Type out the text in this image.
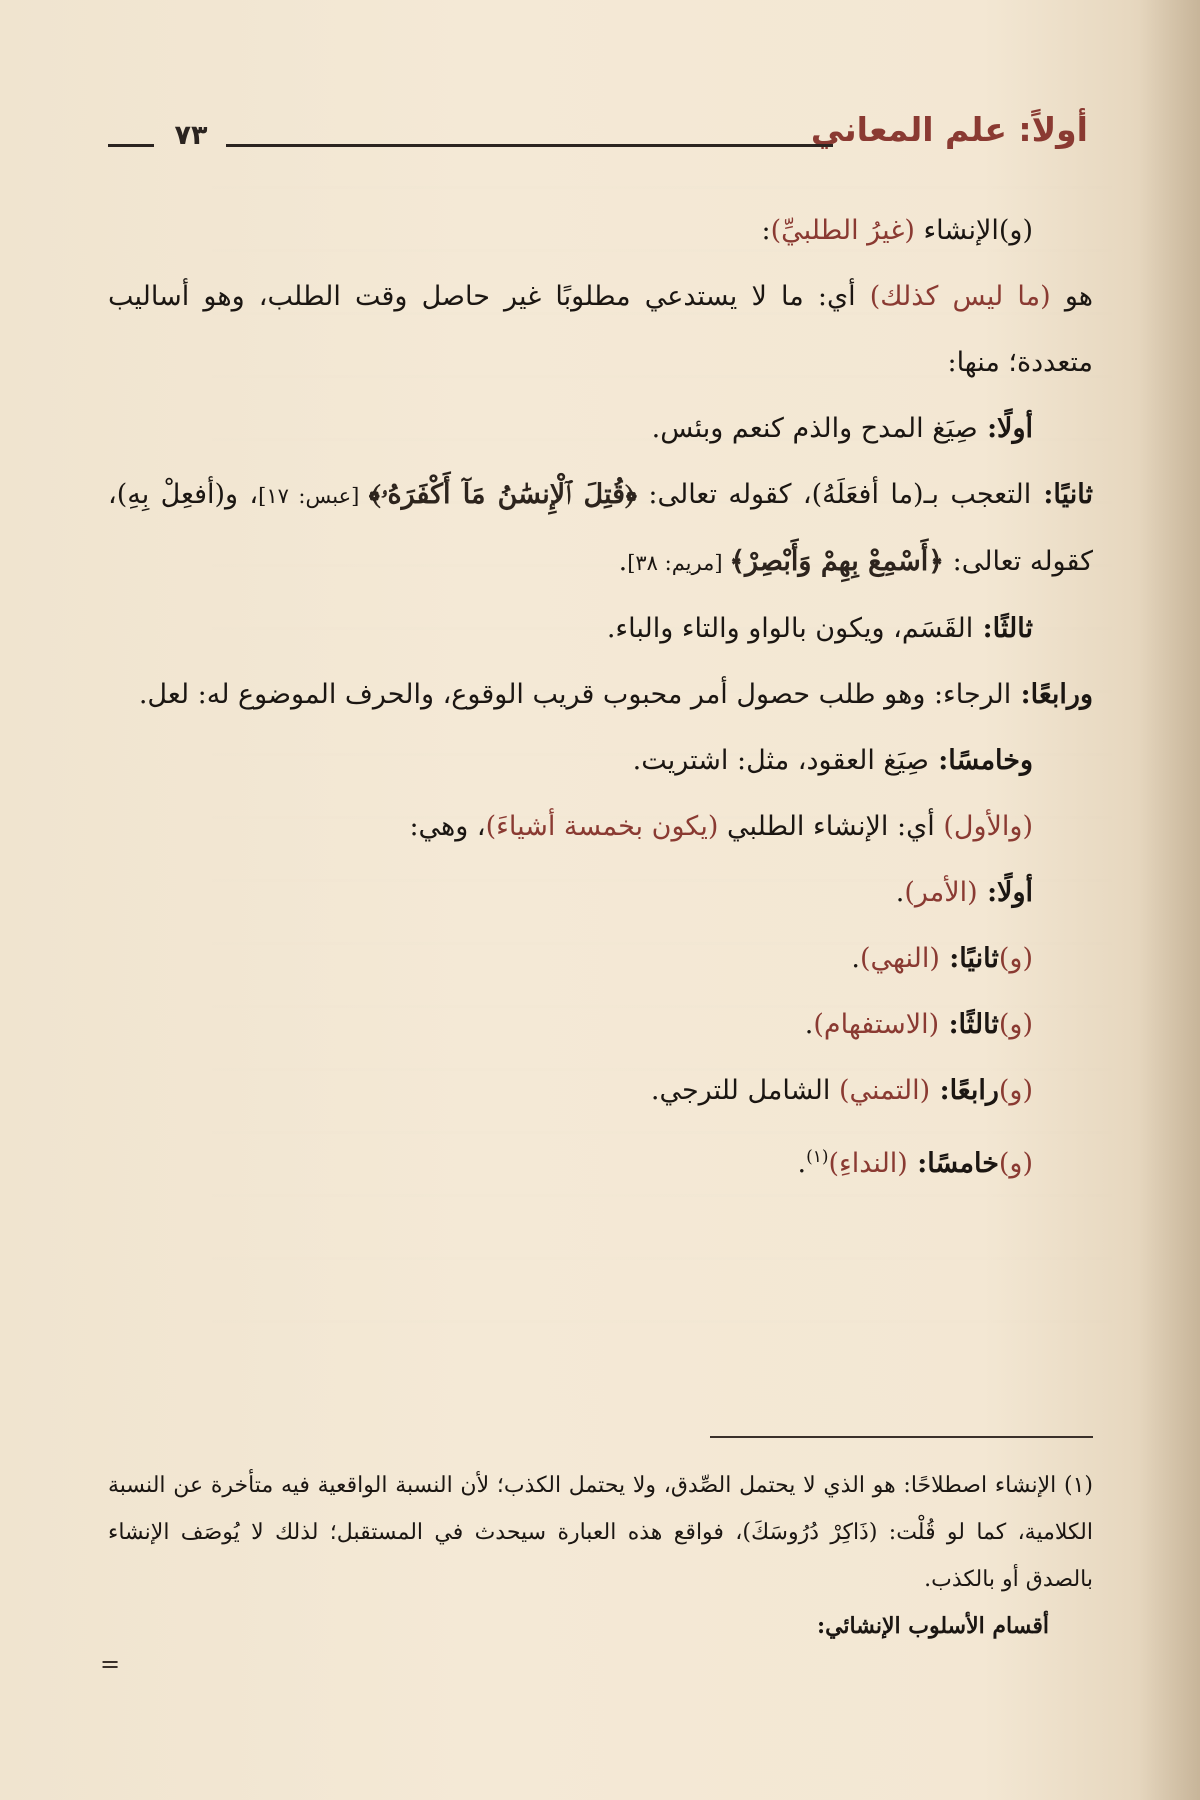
أولاً: علم المعاني
٧٣

(و)الإنشاء (غيرُ الطلبيِّ):

هو (ما ليس كذلك) أي: ما لا يستدعي مطلوبًا غير حاصل وقت الطلب، وهو أساليب متعددة؛ منها:

أولًا: صِيَغ المدح والذم كنعم وبئس.

ثانيًا: التعجب بـ(ما أفعَلَهُ)، كقوله تعالى: ﴿قُتِلَ ٱلْإِنسَٰنُ مَآ أَكْفَرَهُۥ﴾ [عبس: ١٧]، و(أفعِلْ بِهِ)، كقوله تعالى: ﴿أَسْمِعْ بِهِمْ وَأَبْصِرْ﴾ [مريم: ٣٨].

ثالثًا: القَسَم، ويكون بالواو والتاء والباء.

ورابعًا: الرجاء: وهو طلب حصول أمر محبوب قريب الوقوع، والحرف الموضوع له: لعل.

وخامسًا: صِيَغ العقود، مثل: اشتريت.

(والأول) أي: الإنشاء الطلبي (يكون بخمسة أشياءَ)، وهي:

أولًا: (الأمر).

(و)ثانيًا: (النهي).

(و)ثالثًا: (الاستفهام).

(و)رابعًا: (التمني) الشامل للترجي.

(و)خامسًا: (النداءِ)$^{(١)}$.

(١) الإنشاء اصطلاحًا: هو الذي لا يحتمل الصِّدق، ولا يحتمل الكذب؛ لأن النسبة الواقعية فيه متأخرة عن النسبة الكلامية، كما لو قُلْت: (ذَاكِرْ دُرُوسَكَ)، فواقع هذه العبارة سيحدث في المستقبل؛ لذلك لا يُوصَف الإنشاء بالصدق أو بالكذب.

أقسام الأسلوب الإنشائي:

=
